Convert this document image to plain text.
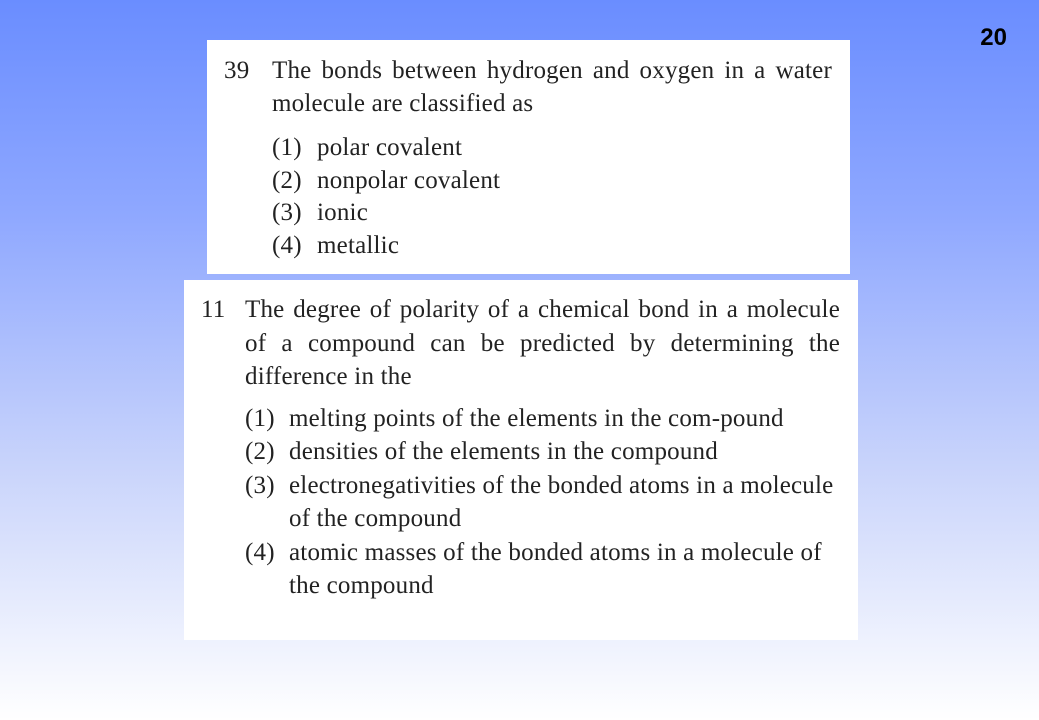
20
39 The bonds between hydrogen and oxygen in a water molecule are classified as
(1) polar covalent
(2) nonpolar covalent
(3) ionic
(4) metallic
11 The degree of polarity of a chemical bond in a molecule of a compound can be predicted by determining the difference in the
(1) melting points of the elements in the com-pound
(2) densities of the elements in the compound
(3) electronegativities of the bonded atoms in a molecule of the compound
(4) atomic masses of the bonded atoms in a molecule of the compound
